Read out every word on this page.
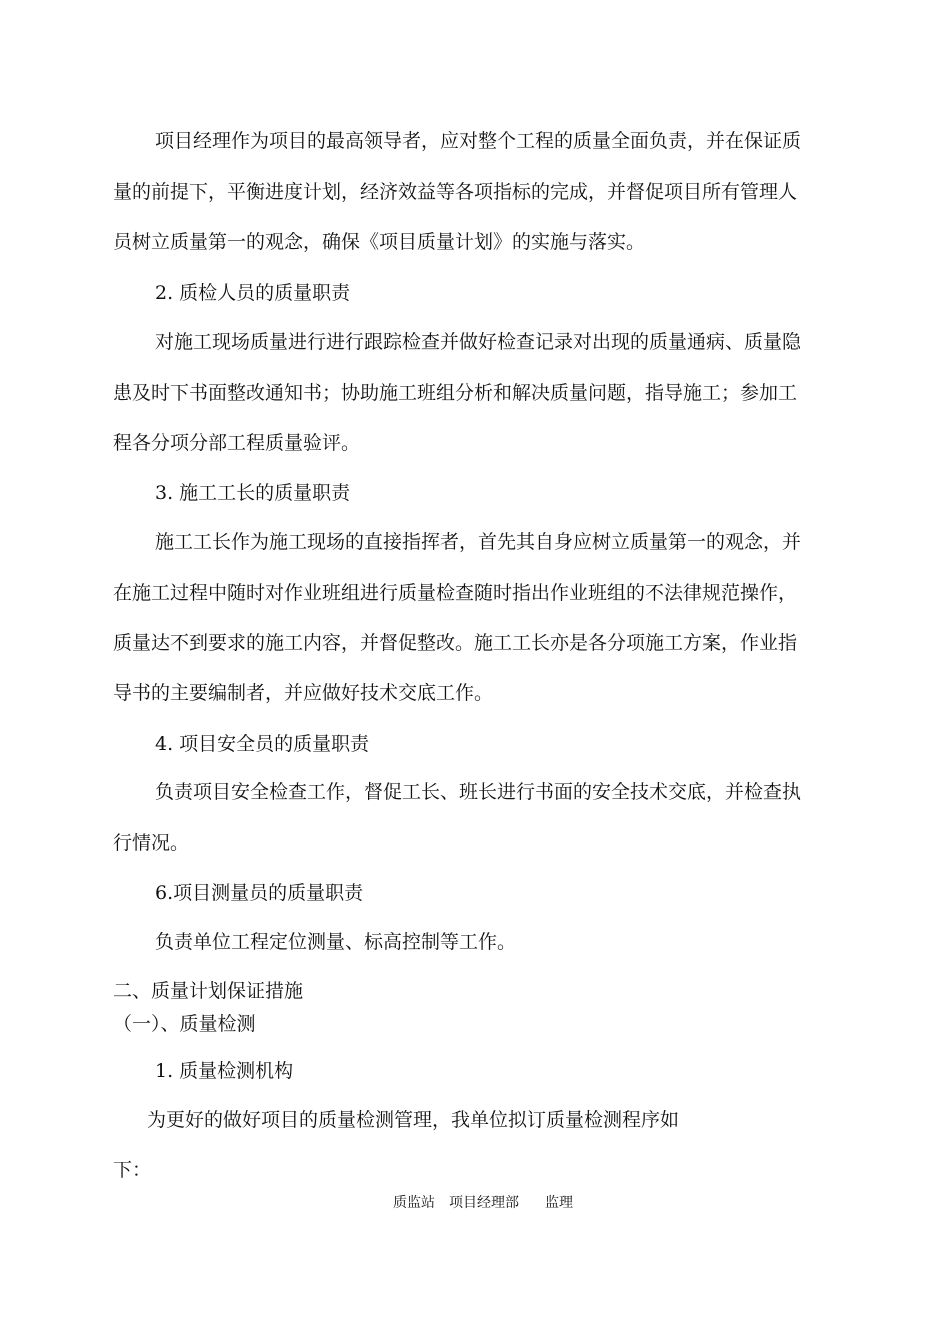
项目经理作为项目的最高领导者，应对整个工程的质量全面负责，并在保证质
量的前提下，平衡进度计划，经济效益等各项指标的完成，并督促项目所有管理人
员树立质量第一的观念，确保《项目质量计划》的实施与落实。
2. 质检人员的质量职责
对施工现场质量进行进行跟踪检查并做好检查记录对出现的质量通病、质量隐
患及时下书面整改通知书；协助施工班组分析和解决质量问题，指导施工；参加工
程各分项分部工程质量验评。
3. 施工工长的质量职责
施工工长作为施工现场的直接指挥者，首先其自身应树立质量第一的观念，并
在施工过程中随时对作业班组进行质量检查随时指出作业班组的不法律规范操作，
质量达不到要求的施工内容，并督促整改。施工工长亦是各分项施工方案，作业指
导书的主要编制者，并应做好技术交底工作。
4. 项目安全员的质量职责
负责项目安全检查工作，督促工长、班长进行书面的安全技术交底，并检查执
行情况。
6.项目测量员的质量职责
负责单位工程定位测量、标高控制等工作。
二、质量计划保证措施
（一）、质量检测
1. 质量检测机构
为更好的做好项目的质量检测管理，我单位拟订质量检测程序如
下：
质监站 项目经理部 监理
